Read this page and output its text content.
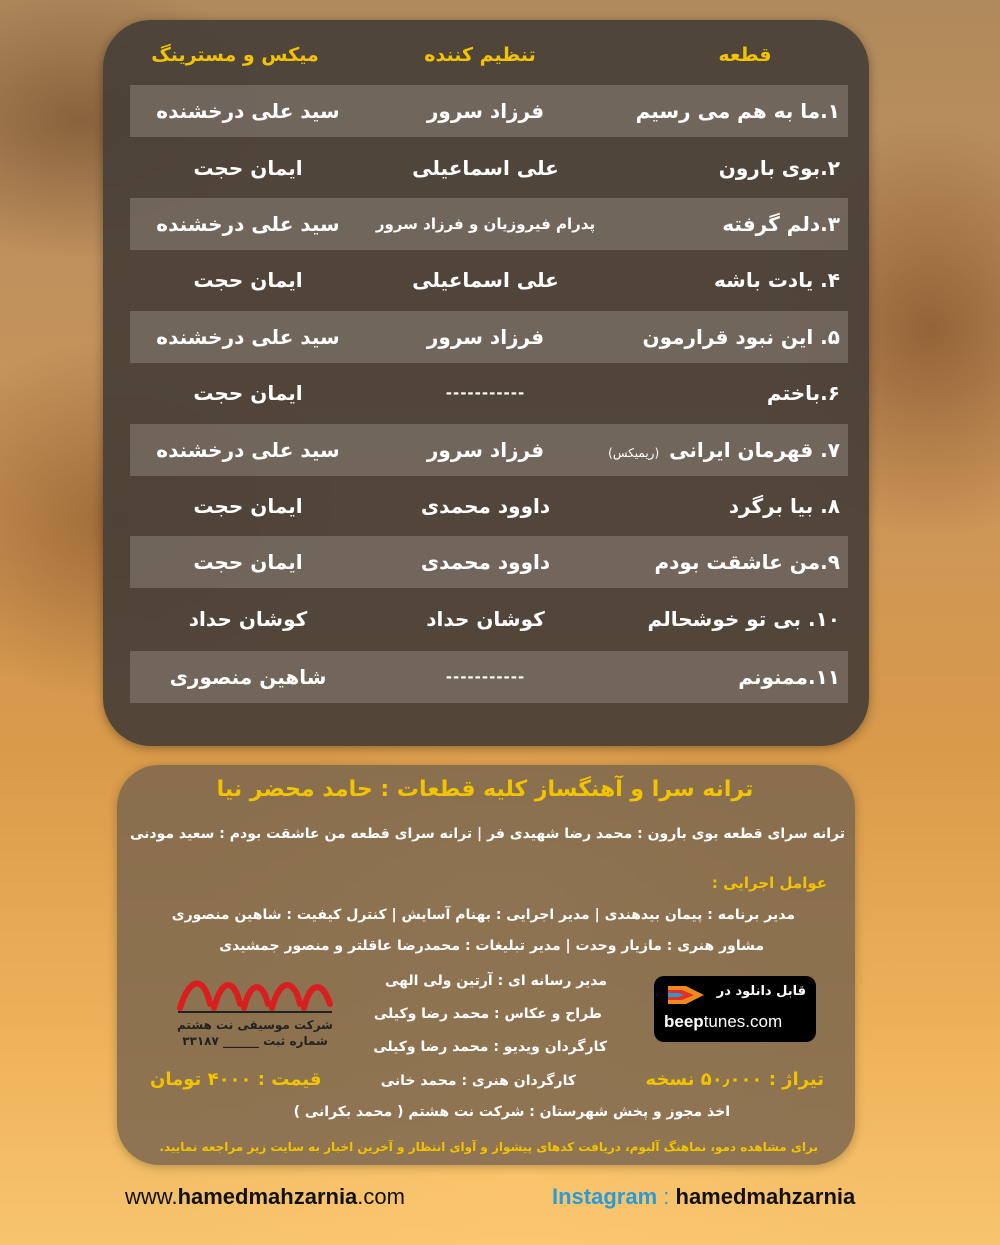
قطعه
تنظیم کننده
میکس و مسترینگ
۱.ما به هم می رسیم
فرزاد سرور
سید علی درخشنده
۲.بوی بارون
علی اسماعیلی
ایمان حجت
۳.دلم گرفته
پدرام فیروزیان و فرزاد سرور
سید علی درخشنده
۴. یادت باشه
علی اسماعیلی
ایمان حجت
۵. این نبود قرارمون
فرزاد سرور
سید علی درخشنده
۶.باختم
-----------
ایمان حجت
۷. قهرمان ایرانی(ریمیکس)
فرزاد سرور
سید علی درخشنده
۸. بیا برگرد
داوود محمدی
ایمان حجت
۹.من عاشقت بودم
داوود محمدی
ایمان حجت
۱۰. بی تو خوشحالم
کوشان حداد
کوشان حداد
۱۱.ممنونم
-----------
شاهین منصوری
ترانه سرا و آهنگساز کلیه قطعات : حامد محضر نیا
ترانه سرای قطعه بوی بارون : محمد رضا شهیدی فر | ترانه سرای قطعه من عاشقت بودم : سعید مودنی
عوامل اجرایی :
مدیر برنامه : پیمان بیدهندی | مدیر اجرایی : بهنام آسایش | کنترل کیفیت : شاهین منصوری
مشاور هنری : مازیار وحدت | مدیر تبلیغات : محمدرضا عاقلتر و منصور جمشیدی
مدیر رسانه ای : آرتین ولی الهی
طراح و عکاس : محمد رضا وکیلی
کارگردان ویدیو : محمد رضا وکیلی
کارگردان هنری : محمد خانی	تیراژ : ۵۰٫۰۰۰ نسخه
قیمت : ۴۰۰۰ تومان
اخذ مجوز و پخش شهرستان : شرکت نت هشتم ( محمد بکرانی )
برای مشاهده دمو، نماهنگ آلبوم، دریافت کدهای پیشواز و آوای انتظار و آخرین اخبار به سایت زیر مراجعه نمایید.
شرکت موسیقی نت هشتم
شماره ثبت ______ ۳۳۱۸۷
قابل دانلود در
beeptunes.com
www.hamedmahzarnia.com	Instagram : hamedmahzarnia
